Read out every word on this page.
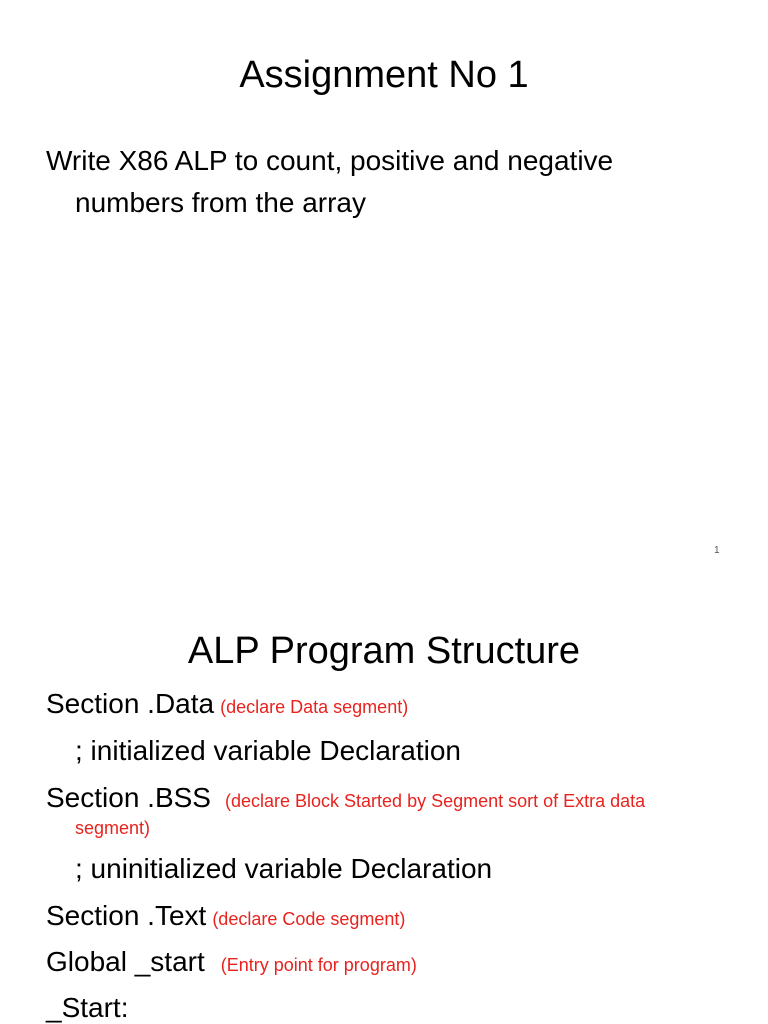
Assignment No 1
Write X86 ALP to count, positive and negative
numbers from the array
1
ALP Program Structure
Section .Data (declare Data segment)
; initialized variable Declaration
Section .BSS (declare Block Started by Segment sort of Extra data
segment)
; uninitialized variable Declaration
Section .Text (declare Code segment)
Global _start (Entry point for program)
_Start:
